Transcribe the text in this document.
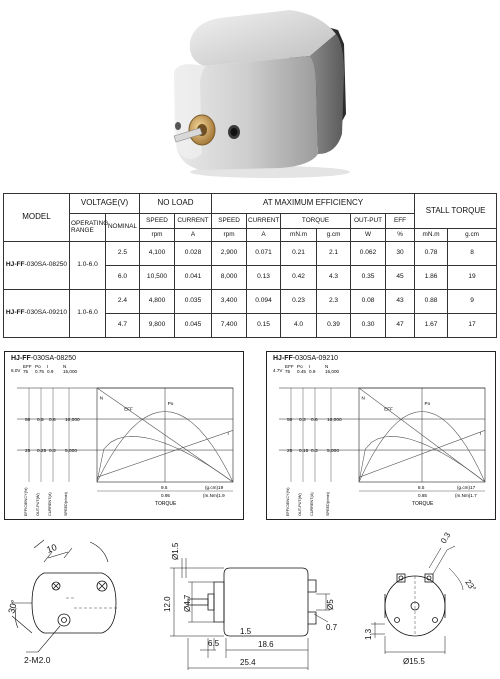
MODEL	VOLTAGE(V)		NO LOAD		AT MAXIMUM EFFICIENCY						STALL TORQUE	
	OPERATING RANGE	NOMINAL	SPEED	CURRENT	SPEED	CURRENT	TORQUE		OUT-PUT	EFF		
			rpm	A	rpm	A	mN.m	g.cm	W	%	mN.m	g.cm
HJ-FF-030SA-08250	1.0-6.0	2.5	4,100	0.028	2,900	0.071	0.21	2.1	0.062	30	0.78	8
		6.0	10,500	0.041	8,000	0.13	0.42	4.3	0.35	45	1.86	19
HJ-FF-030SA-09210	1.0-6.0	2.4	4,800	0.035	3,400	0.094	0.23	2.3	0.08	43	0.88	9
		4.7	9,800	0.045	7,400	0.15	4.0	0.39	0.30	47	1.67	17
HJ-FF-030SA-08250
6.0V
EFF Po I	N
75 0.75 0.9 15,000
50 0.5 0.6 10,000
25 0.25 0.3 5,000
EFFICIENCY(%) OUT-PUT(W) CURRENT(A)	SPEED(r/min)
9.5	(g.cm)19
0.95	(m.Nm)1.9
TORQUE
N
EFF
Po
I
HJ-FF-030SA-09210
4.7V
EFF Po I	N
75 0.45 0.9 15,000
50 0.3 0.6 10,000
25 0.15 0.3 5,000
EFFICIENCY(%) OUT-PUT(W) CURRENT(A)	SPEED(r/min)
8.5	(g.cm)17
0.85	(m.Nm)1.7
TORQUE
N
EFF
Po
I
10
30°
2-M2.0
Ø1.5
Ø4.7
12.0
1.5
6.5	18.6
25.4
Ø5
0.7
0.3
23°
1.3
Ø15.5
